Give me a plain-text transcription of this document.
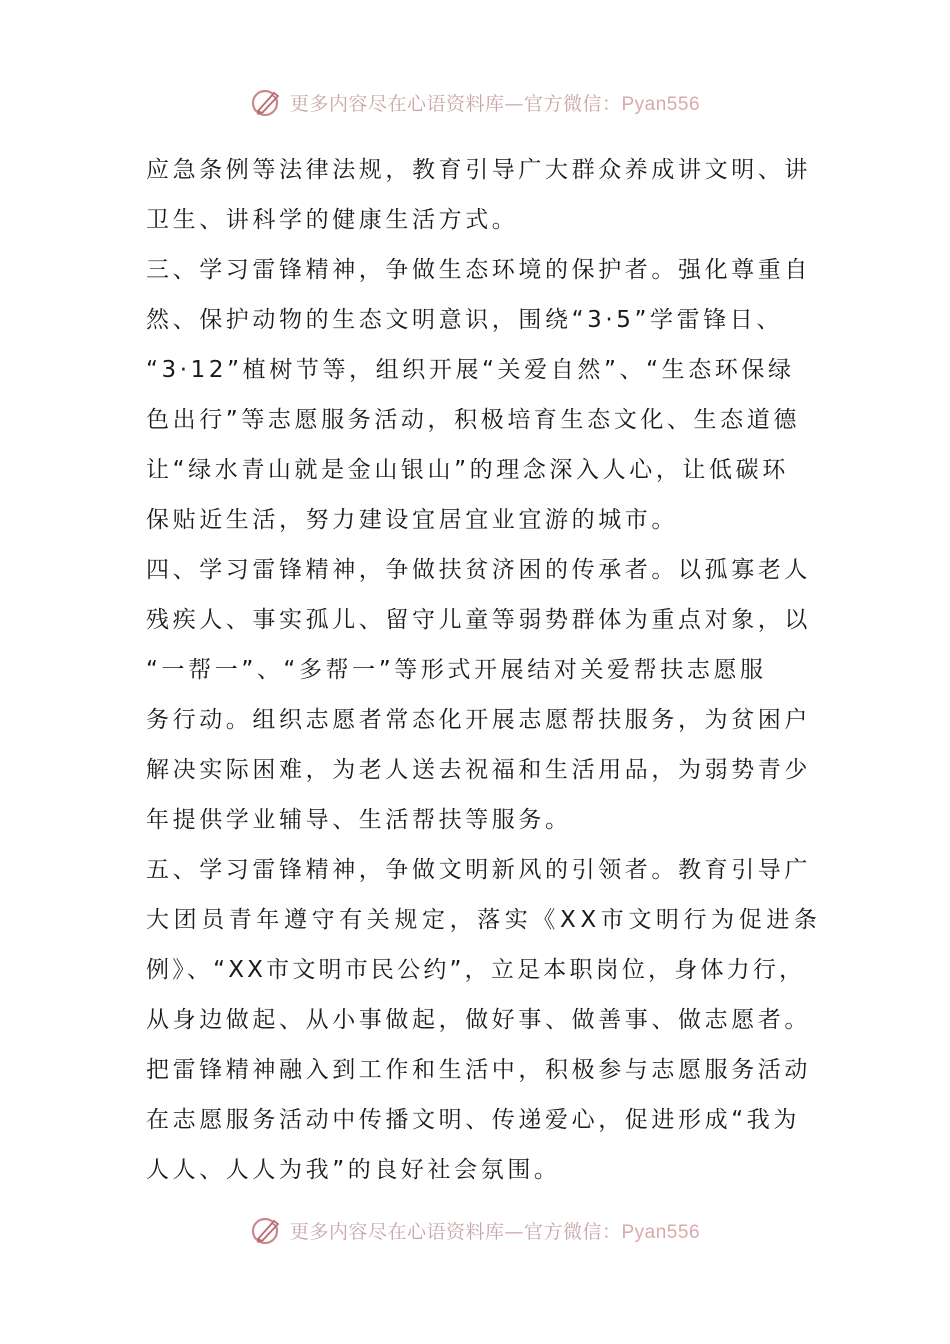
更多内容尽在心语资料库—官方微信：Pyan556
应急条例等法律法规，教育引导广大群众养成讲文明、讲
卫生、讲科学的健康生活方式。
三、学习雷锋精神，争做生态环境的保护者。强化尊重自
然、保护动物的生态文明意识，围绕“3·5”学雷锋日、
“3·12”植树节等，组织开展“关爱自然”、“生态环保绿
色出行”等志愿服务活动，积极培育生态文化、生态道德
让“绿水青山就是金山银山”的理念深入人心，让低碳环
保贴近生活，努力建设宜居宜业宜游的城市。
四、学习雷锋精神，争做扶贫济困的传承者。以孤寡老人
残疾人、事实孤儿、留守儿童等弱势群体为重点对象，以
“一帮一”、“多帮一”等形式开展结对关爱帮扶志愿服
务行动。组织志愿者常态化开展志愿帮扶服务，为贫困户
解决实际困难，为老人送去祝福和生活用品，为弱势青少
年提供学业辅导、生活帮扶等服务。
五、学习雷锋精神，争做文明新风的引领者。教育引导广
大团员青年遵守有关规定，落实《XX市文明行为促进条
例》、“XX市文明市民公约”，立足本职岗位，身体力行，
从身边做起、从小事做起，做好事、做善事、做志愿者。
把雷锋精神融入到工作和生活中，积极参与志愿服务活动
在志愿服务活动中传播文明、传递爱心，促进形成“我为
人人、人人为我”的良好社会氛围。
更多内容尽在心语资料库—官方微信：Pyan556
